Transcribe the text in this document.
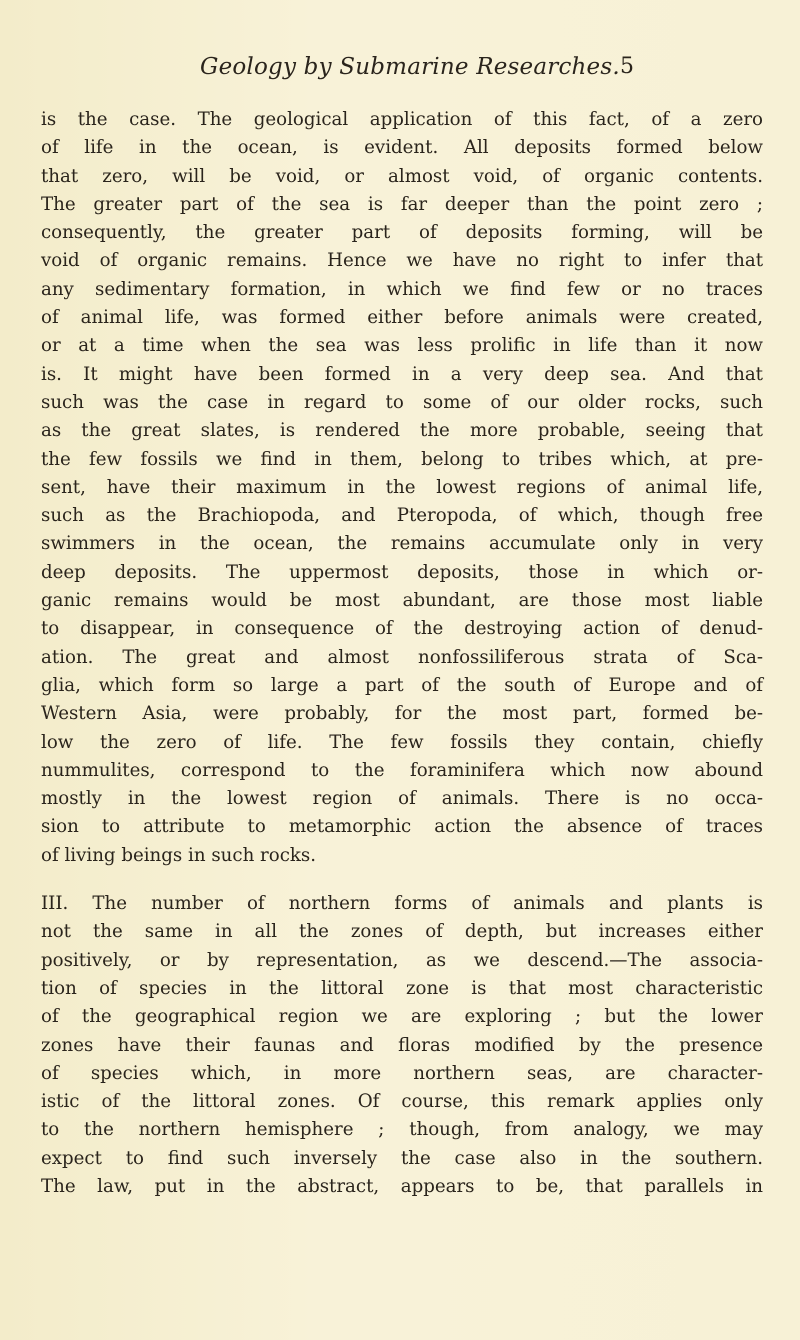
Geology by Submarine Researches. 5
is the case. The geological application of this fact, of a zero
of life in the ocean, is evident. All deposits formed below
that zero, will be void, or almost void, of organic contents.
The greater part of the sea is far deeper than the point zero ;
consequently, the greater part of deposits forming, will be
void of organic remains. Hence we have no right to infer that
any sedimentary formation, in which we find few or no traces
of animal life, was formed either before animals were created,
or at a time when the sea was less prolific in life than it now
is. It might have been formed in a very deep sea. And that
such was the case in regard to some of our older rocks, such
as the great slates, is rendered the more probable, seeing that
the few fossils we find in them, belong to tribes which, at pre-
sent, have their maximum in the lowest regions of animal life,
such as the Brachiopoda, and Pteropoda, of which, though free
swimmers in the ocean, the remains accumulate only in very
deep deposits. The uppermost deposits, those in which or-
ganic remains would be most abundant, are those most liable
to disappear, in consequence of the destroying action of denud-
ation. The great and almost nonfossiliferous strata of Sca-
glia, which form so large a part of the south of Europe and of
Western Asia, were probably, for the most part, formed be-
low the zero of life. The few fossils they contain, chiefly
nummulites, correspond to the foraminifera which now abound
mostly in the lowest region of animals. There is no occa-
sion to attribute to metamorphic action the absence of traces
of living beings in such rocks.
III. The number of northern forms of animals and plants is
not the same in all the zones of depth, but increases either
positively, or by representation, as we descend.—The associa-
tion of species in the littoral zone is that most characteristic
of the geographical region we are exploring ; but the lower
zones have their faunas and floras modified by the presence
of species which, in more northern seas, are character-
istic of the littoral zones. Of course, this remark applies only
to the northern hemisphere ; though, from analogy, we may
expect to find such inversely the case also in the southern.
The law, put in the abstract, appears to be, that parallels in
